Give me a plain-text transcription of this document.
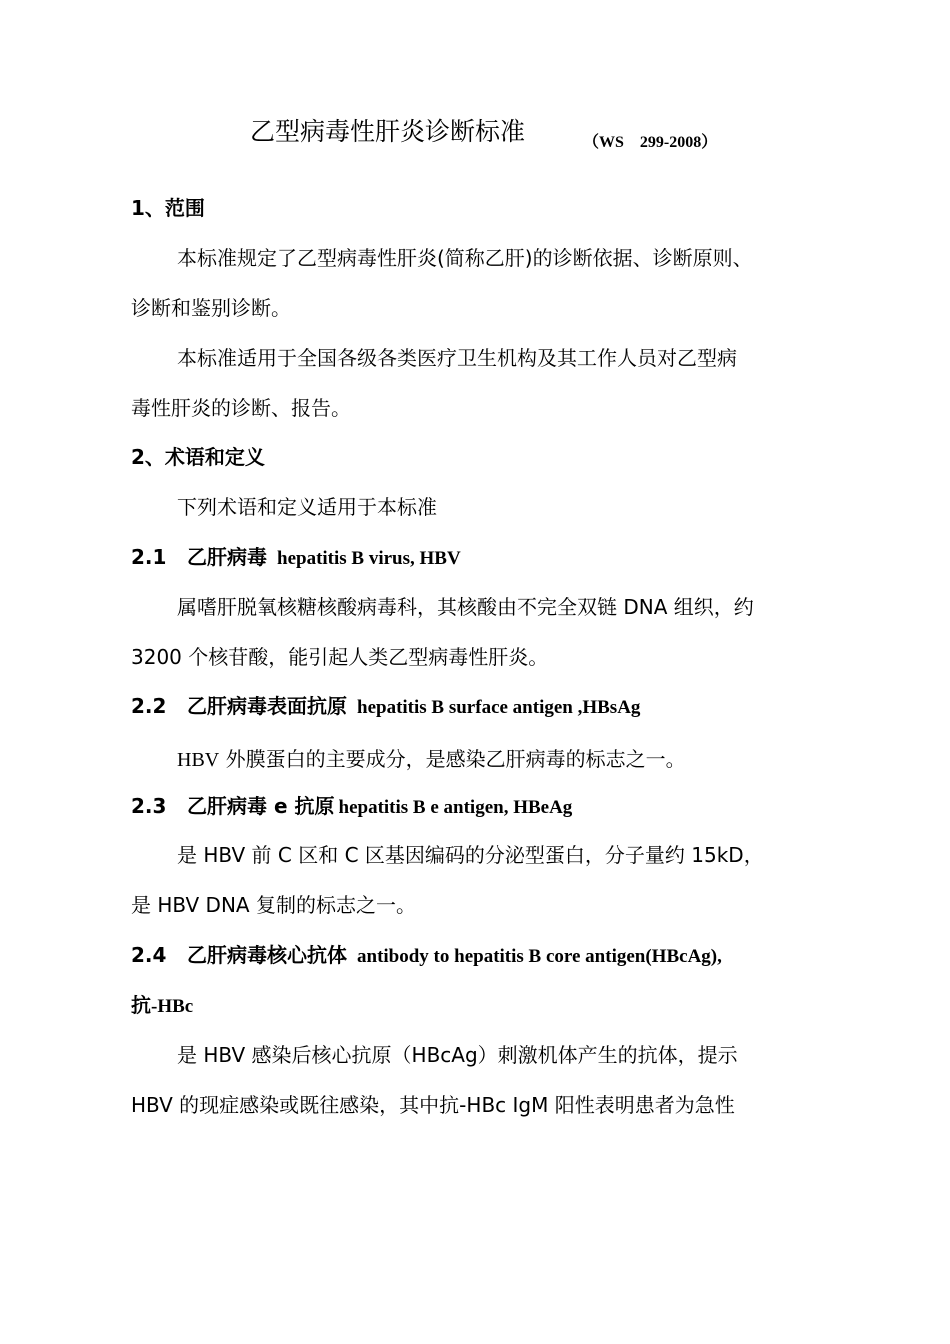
乙型病毒性肝炎诊断标准	（WS　299-2008）
1、范围
本标准规定了乙型病毒性肝炎(简称乙肝)的诊断依据、诊断原则、
诊断和鉴别诊断。
本标准适用于全国各级各类医疗卫生机构及其工作人员对乙型病
毒性肝炎的诊断、报告。
2、术语和定义
下列术语和定义适用于本标准
2.1 乙肝病毒 hepatitis B virus, HBV
属嗜肝脱氧核糖核酸病毒科，其核酸由不完全双链 DNA 组织，约
3200 个核苷酸，能引起人类乙型病毒性肝炎。
2.2 乙肝病毒表面抗原 hepatitis B surface antigen ,HBsAg
HBV 外膜蛋白的主要成分，是感染乙肝病毒的标志之一。
2.3 乙肝病毒 e 抗原 hepatitis B e antigen, HBeAg
是 HBV 前 C 区和 C 区基因编码的分泌型蛋白，分子量约 15kD，
是 HBV DNA 复制的标志之一。
2.4 乙肝病毒核心抗体 antibody to hepatitis B core antigen(HBcAg),
抗-HBc
是 HBV 感染后核心抗原（HBcAg）刺激机体产生的抗体，提示
HBV 的现症感染或既往感染，其中抗-HBc IgM 阳性表明患者为急性
